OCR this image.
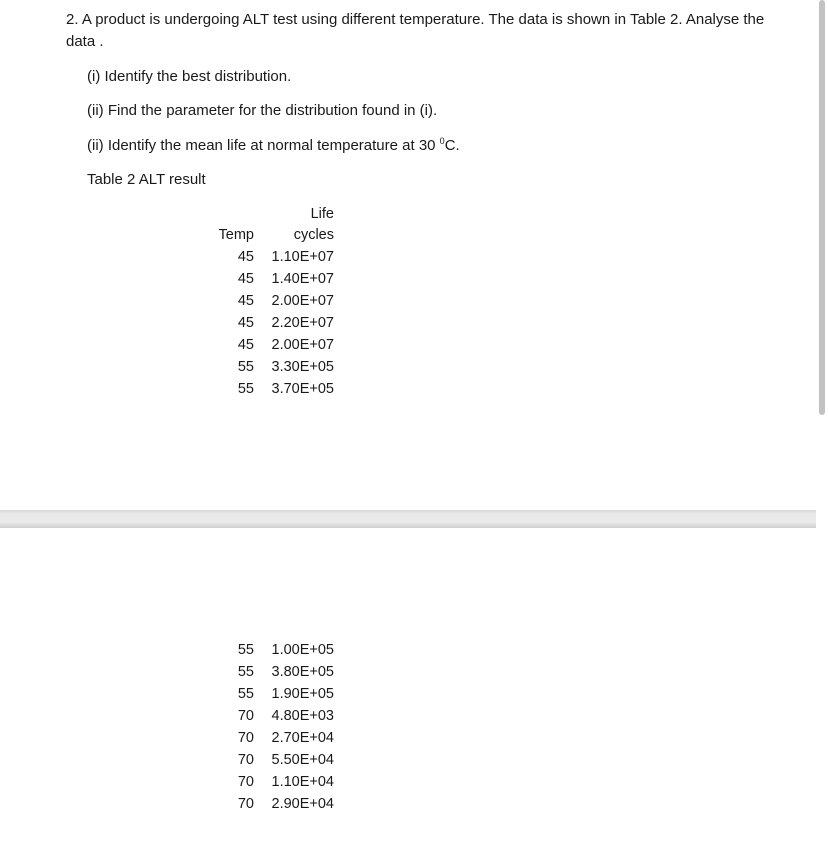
2. A product is undergoing ALT test using different temperature. The data is shown in Table 2. Analyse the data .
(i) Identify the best distribution.
(ii) Find the parameter for the distribution found in (i).
(ii) Identify the mean life at normal temperature at 30 $^0$C.
Table 2 ALT result
	Life
Temp	cycles
45	1.10E+07
45	1.40E+07
45	2.00E+07
45	2.20E+07
45	2.00E+07
55	3.30E+05
55	3.70E+05
55	1.00E+05
55	3.80E+05
55	1.90E+05
70	4.80E+03
70	2.70E+04
70	5.50E+04
70	1.10E+04
70	2.90E+04
